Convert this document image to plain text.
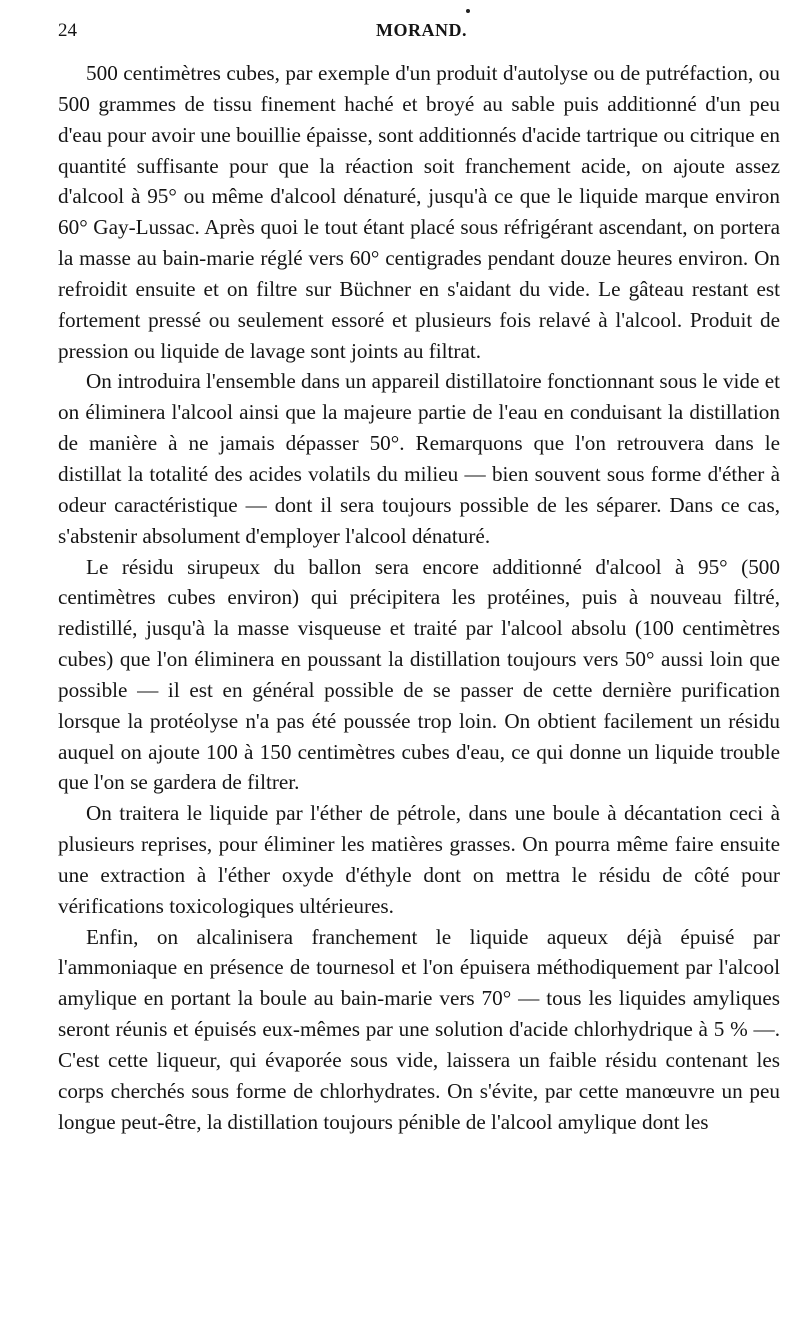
24	MORAND.

500 centimètres cubes, par exemple d'un produit d'autolyse ou de putréfaction, ou 500 grammes de tissu finement haché et broyé au sable puis additionné d'un peu d'eau pour avoir une bouillie épaisse, sont additionnés d'acide tartrique ou citrique en quantité suffisante pour que la réaction soit franchement acide, on ajoute assez d'alcool à 95° ou même d'alcool dénaturé, jusqu'à ce que le liquide marque environ 60° Gay-Lussac. Après quoi le tout étant placé sous réfrigérant ascendant, on portera la masse au bain-marie réglé vers 60° centigrades pendant douze heures environ. On refroidit ensuite et on filtre sur Büchner en s'aidant du vide. Le gâteau restant est fortement pressé ou seulement essoré et plusieurs fois relavé à l'alcool. Produit de pression ou liquide de lavage sont joints au filtrat.

On introduira l'ensemble dans un appareil distillatoire fonctionnant sous le vide et on éliminera l'alcool ainsi que la majeure partie de l'eau en conduisant la distillation de manière à ne jamais dépasser 50°. Remarquons que l'on retrouvera dans le distillat la totalité des acides volatils du milieu — bien souvent sous forme d'éther à odeur caractéristique — dont il sera toujours possible de les séparer. Dans ce cas, s'abstenir absolument d'employer l'alcool dénaturé.

Le résidu sirupeux du ballon sera encore additionné d'alcool à 95° (500 centimètres cubes environ) qui précipitera les protéines, puis à nouveau filtré, redistillé, jusqu'à la masse visqueuse et traité par l'alcool absolu (100 centimètres cubes) que l'on éliminera en poussant la distillation toujours vers 50° aussi loin que possible — il est en général possible de se passer de cette dernière purification lorsque la protéolyse n'a pas été poussée trop loin. On obtient facilement un résidu auquel on ajoute 100 à 150 centimètres cubes d'eau, ce qui donne un liquide trouble que l'on se gardera de filtrer.

On traitera le liquide par l'éther de pétrole, dans une boule à décantation ceci à plusieurs reprises, pour éliminer les matières grasses. On pourra même faire ensuite une extraction à l'éther oxyde d'éthyle dont on mettra le résidu de côté pour vérifications toxicologiques ultérieures.

Enfin, on alcalinisera franchement le liquide aqueux déjà épuisé par l'ammoniaque en présence de tournesol et l'on épuisera méthodiquement par l'alcool amylique en portant la boule au bain-marie vers 70° — tous les liquides amyliques seront réunis et épuisés eux-mêmes par une solution d'acide chlorhydrique à 5 % —. C'est cette liqueur, qui évaporée sous vide, laissera un faible résidu contenant les corps cherchés sous forme de chlorhydrates. On s'évite, par cette manœuvre un peu longue peut-être, la distillation toujours pénible de l'alcool amylique dont les
